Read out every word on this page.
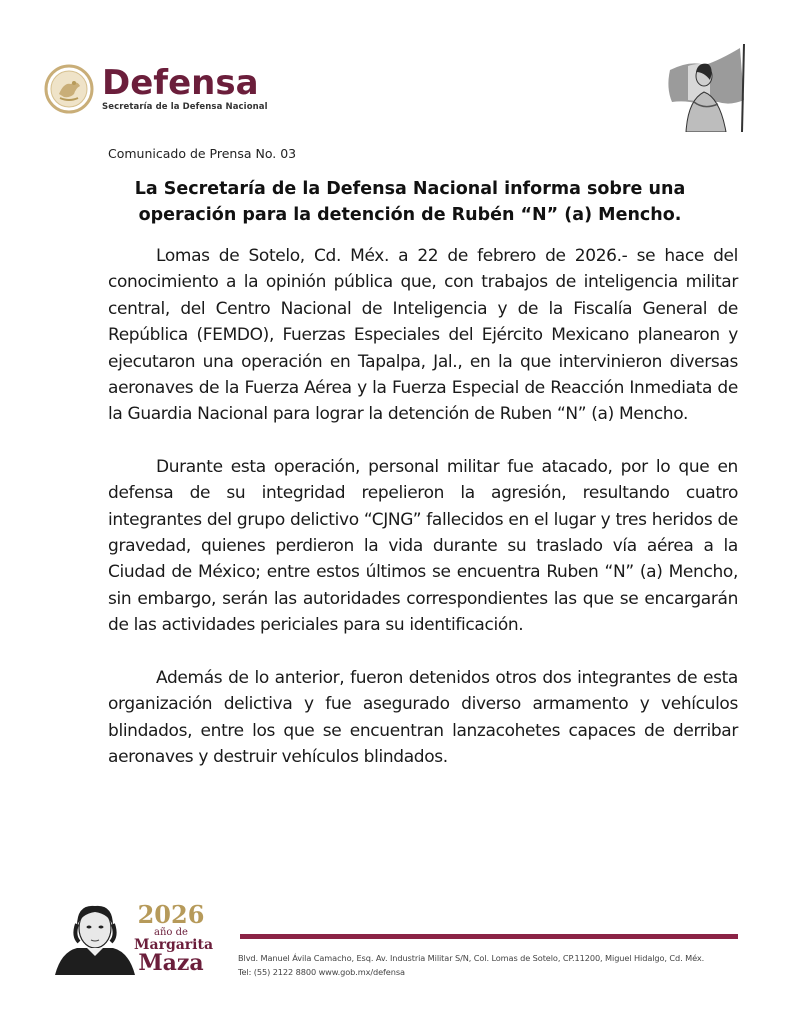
Defensa
Secretaría de la Defensa Nacional
Comunicado de Prensa No. 03
La Secretaría de la Defensa Nacional informa sobre una
operación para la detención de Rubén “N” (a) Mencho.

Lomas de Sotelo, Cd. Méx. a 22 de febrero de 2026.- se hace del conocimiento a la opinión pública que, con trabajos de inteligencia militar central, del Centro Nacional de Inteligencia y de la Fiscalía General de República (FEMDO), Fuerzas Especiales del Ejército Mexicano planearon y ejecutaron una operación en Tapalpa, Jal., en la que intervinieron diversas aeronaves de la Fuerza Aérea y la Fuerza Especial de Reacción Inmediata de la Guardia Nacional para lograr la detención de Ruben “N” (a) Mencho.

Durante esta operación, personal militar fue atacado, por lo que en defensa de su integridad repelieron la agresión, resultando cuatro integrantes del grupo delictivo “CJNG” fallecidos en el lugar y tres heridos de gravedad, quienes perdieron la vida durante su traslado vía aérea a la Ciudad de México; entre estos últimos se encuentra Ruben “N” (a) Mencho, sin embargo, serán las autoridades correspondientes las que se encargarán de las actividades periciales para su identificación.

Además de lo anterior, fueron detenidos otros dos integrantes de esta organización delictiva y fue asegurado diverso armamento y vehículos blindados, entre los que se encuentran lanzacohetes capaces de derribar aeronaves y destruir vehículos blindados.

2026
año de
Margarita
Maza	Blvd. Manuel Ávila Camacho, Esq. Av. Industria Militar S/N, Col. Lomas de Sotelo, CP.11200, Miguel Hidalgo, Cd. Méx.
Tel: (55) 2122 8800 www.gob.mx/defensa
